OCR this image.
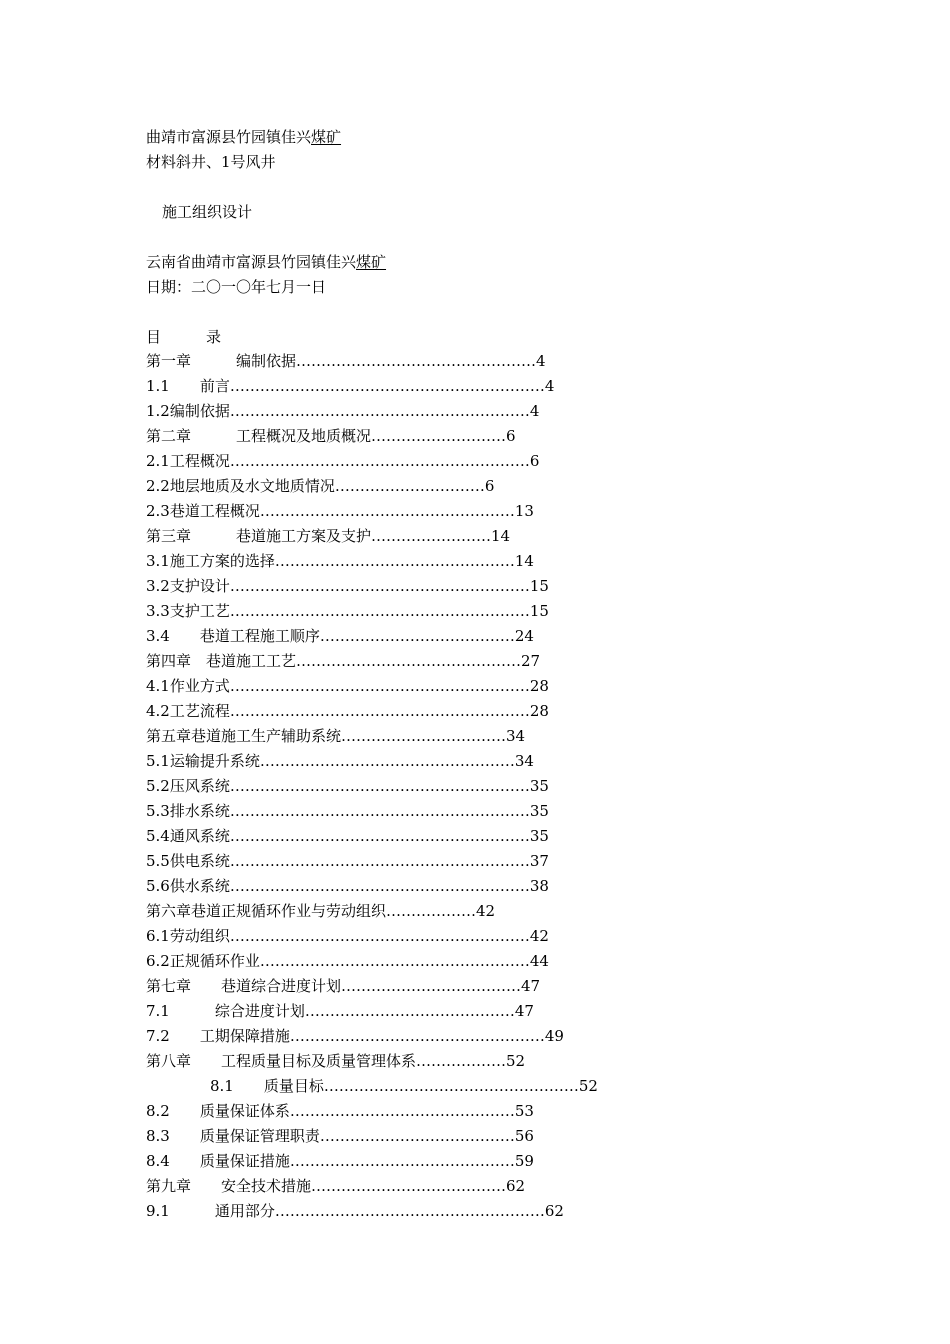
曲靖市富源县竹园镇佳兴煤矿
材料斜井、1号风井
施工组织设计
云南省曲靖市富源县竹园镇佳兴煤矿
日期：二〇一〇年七月一日
目　　　录
第一章　　　编制依据…………………………………………4
1.1　　前言………………………………………………………4
1.2编制依据……………………………………………………4
第二章　　　工程概况及地质概况………………………6
2.1工程概况……………………………………………………6
2.2地层地质及水文地质情况…………………………6
2.3巷道工程概况……………………………………………13
第三章　　　巷道施工方案及支护……………………14
3.1施工方案的选择…………………………………………14
3.2支护设计……………………………………………………15
3.3支护工艺……………………………………………………15
3.4　　巷道工程施工顺序…………………………………24
第四章　巷道施工工艺………………………………………27
4.1作业方式……………………………………………………28
4.2工艺流程……………………………………………………28
第五章巷道施工生产辅助系统……………………………34
5.1运输提升系统……………………………………………34
5.2压风系统……………………………………………………35
5.3排水系统……………………………………………………35
5.4通风系统……………………………………………………35
5.5供电系统……………………………………………………37
5.6供水系统……………………………………………………38
第六章巷道正规循环作业与劳动组织………………42
6.1劳动组织……………………………………………………42
6.2正规循环作业………………………………………………44
第七章　　巷道综合进度计划………………………………47
7.1　　　综合进度计划……………………………………47
7.2　　工期保障措施……………………………………………49
第八章　　工程质量目标及质量管理体系………………52
8.1　　质量目标……………………………………………52
8.2　　质量保证体系………………………………………53
8.3　　质量保证管理职责…………………………………56
8.4　　质量保证措施………………………………………59
第九章　　安全技术措施…………………………………62
9.1　　　通用部分………………………………………………62
